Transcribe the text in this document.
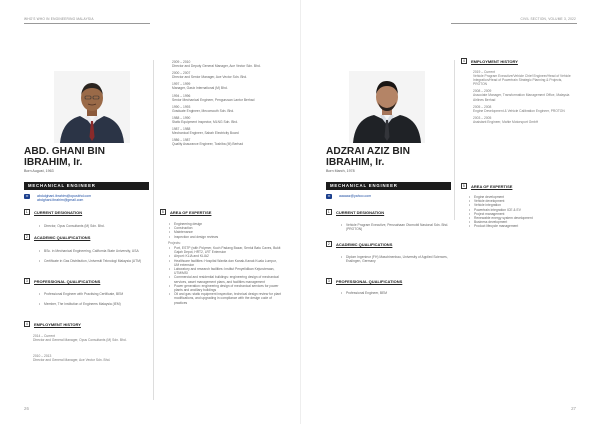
WHO'S WHO IN ENGINEERING MALAYSIA
ABD. GHANI BIN
IBRAHIM, Ir.
Born August, 1963
MECHANICAL ENGINEER
✉	abdulghani.ibrahim@opusbhd.com
abdghani.ibrahim@gmail.com
1	CURRENT DESIGNATION
• Director, Opus Consultants (M) Sdn. Bhd.
2	ACADEMIC QUALIFICATIONS
• BSc. in Mechanical Engineering, California State University, USA
• Certificate in Gas Distribution, Universiti Teknologi Malaysia (UTM)
3	PROFESSIONAL QUALIFICATIONS
• Professional Engineer with Practising Certificate, BEM
• Member, The Institution of Engineers Malaysia (IEM)
4	EMPLOYMENT HISTORY
2014 – Current
Director and General Manager, Opus Consultants (M) Sdn. Bhd.
2010 – 2013
Director and General Manager, Ace Vector Sdn. Bhd.
2009 – 2010
Director and Deputy General Manager, Ace Vector Sdn. Bhd.
2000 – 2007
Director and Senior Manager, Ace Vector Sdn. Bhd.
1997 – 1999
Manager, Gasix International (M) Bhd.
1994 – 1996
Senior Mechanical Engineer, Pengurusan Lantor Berhad
1990 – 1993
Graduate Engineer, Mecomouth Sdn. Bhd.
1988 – 1990
Static Equipment Inspector, MLNG Sdn. Bhd.
1987 – 1988
Mechanical Engineer, Sabah Electricity Board
1986 – 1987
Quality Assurance Engineer, Toshiba (M) Berhad
5	AREA OF EXPERTISE
• Engineering design
• Construction
• Maintenance
• Inspection and design reviews
Projects:
• Port, ESTP (with Polymer, Kuch Padang Bazar, Sentul Batu Caves, Bukit Gajah Depot, HRT2, LRT Extension
• Airport: KLIA and KLIA2
• Healthcare facilities: Hospital Wanita dan Kanak-Kanak Kuala Lumpur, UM extension
• Laboratory and research facilities: Institut Penyelidikan Kejuruteraan, UTM/MSI
• Commercial and residential buildings: engineering design of mechanical services, asset management plans, and facilities management
• Power generation: engineering design of mechanical services for power plants and ancillary buildings
• Oil and gas: static equipment inspection, technical design review for plant modifications, and upgrading in compliance with the design code of practices
26
CIVIL SECTION, VOLUME 3, 2022
ADZRAI AZIZ BIN
IBRAHIM, Ir.
Born March, 1978
MECHANICAL ENGINEER
✉	aaaaaz@yahoo.com
1	CURRENT DESIGNATION
• Vehicle Program Executive, Perusahaan Otomobil Nasional Sdn. Bhd. (PROTON)
2	ACADEMIC QUALIFICATIONS
• Diplom Ingenieur (FH) Maschinenbau, University of Applied Sciences, Esslingen, Germany
3	PROFESSIONAL QUALIFICATIONS
• Professional Engineer, BEM
4	EMPLOYMENT HISTORY
2019 – Current
Vehicle Program Executive/Vehicle Chief Engineer/Head of Vehicle Integration/Head of Powertrain Strategic Planning & Projects, PROTON
2008 – 2009
Associate Manager, Transformation Management Office, Malaysia Airlines Berhad
2005 – 2008
Engine Development & Vehicle Calibration Engineer, PROTON
2003 – 2005
Assistant Engineer, Mahle Motorsport GmbH
5	AREA OF EXPERTISE
• Engine development
• Vehicle development
• Vehicle integration
• Powertrain integration ICE & EV
• Project management
• Renewable energy system development
• Business development
• Product lifecycle management
27
